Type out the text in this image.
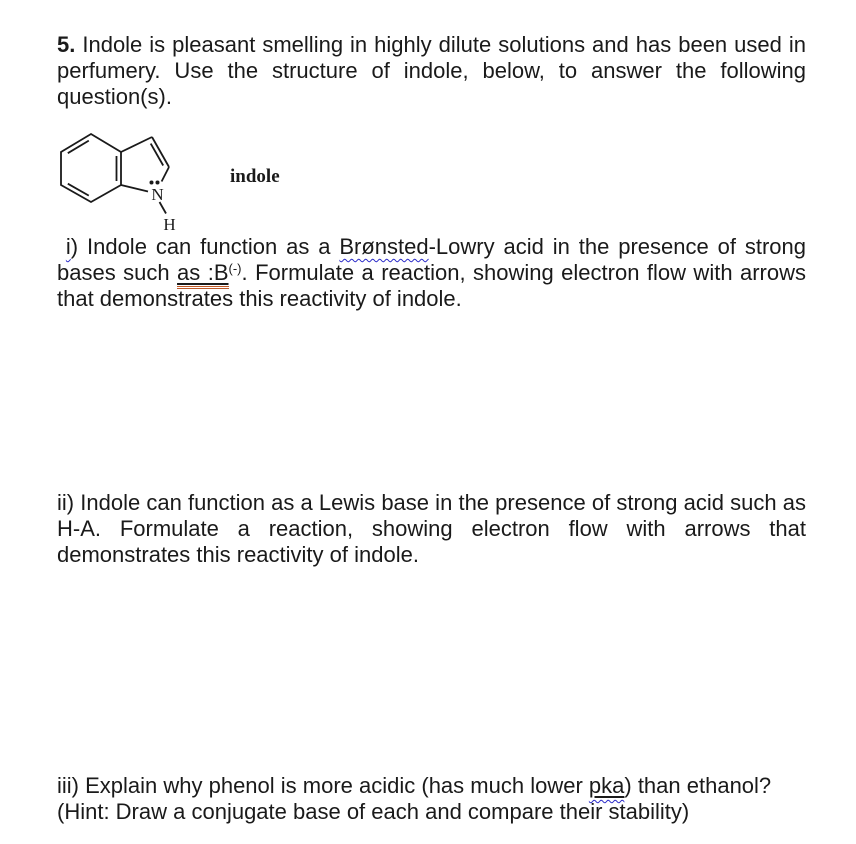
5. Indole is pleasant smelling in highly dilute solutions and has been used in perfumery. Use the structure of indole, below, to answer the following question(s).

N
H
indole

i) Indole can function as a Brønsted-Lowry acid in the presence of strong bases such as :B(-). Formulate a reaction, showing electron flow with arrows that demonstrates this reactivity of indole.

ii) Indole can function as a Lewis base in the presence of strong acid such as H-A. Formulate a reaction, showing electron flow with arrows that demonstrates this reactivity of indole.

iii) Explain why phenol is more acidic (has much lower pka) than ethanol? (Hint: Draw a conjugate base of each and compare their stability)
